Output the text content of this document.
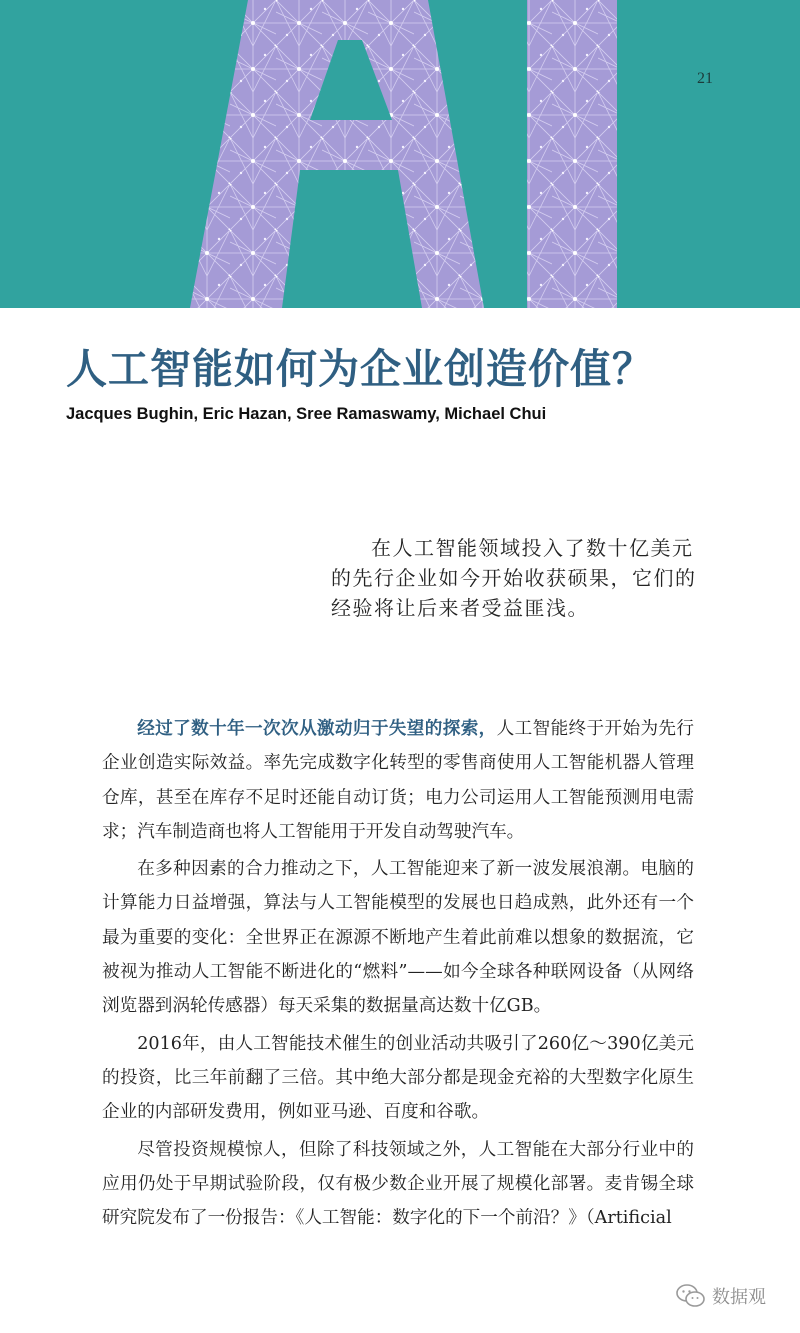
21
人工智能如何为企业创造价值？
Jacques Bughin, Eric Hazan, Sree Ramaswamy, Michael Chui

在人工智能领域投入了数十亿美元的先行企业如今开始收获硕果，它们的经验将让后来者受益匪浅。

经过了数十年一次次从激动归于失望的探索，人工智能终于开始为先行企业创造实际效益。率先完成数字化转型的零售商使用人工智能机器人管理仓库，甚至在库存不足时还能自动订货；电力公司运用人工智能预测用电需求；汽车制造商也将人工智能用于开发自动驾驶汽车。

在多种因素的合力推动之下，人工智能迎来了新一波发展浪潮。电脑的计算能力日益增强，算法与人工智能模型的发展也日趋成熟，此外还有一个最为重要的变化：全世界正在源源不断地产生着此前难以想象的数据流，它被视为推动人工智能不断进化的“燃料”——如今全球各种联网设备（从网络浏览器到涡轮传感器）每天采集的数据量高达数十亿GB。

2016年，由人工智能技术催生的创业活动共吸引了260亿～390亿美元的投资，比三年前翻了三倍。其中绝大部分都是现金充裕的大型数字化原生企业的内部研发费用，例如亚马逊、百度和谷歌。

尽管投资规模惊人，但除了科技领域之外，人工智能在大部分行业中的应用仍处于早期试验阶段，仅有极少数企业开展了规模化部署。麦肯锡全球研究院发布了一份报告：《人工智能：数字化的下一个前沿？》（Artificial

数据观
